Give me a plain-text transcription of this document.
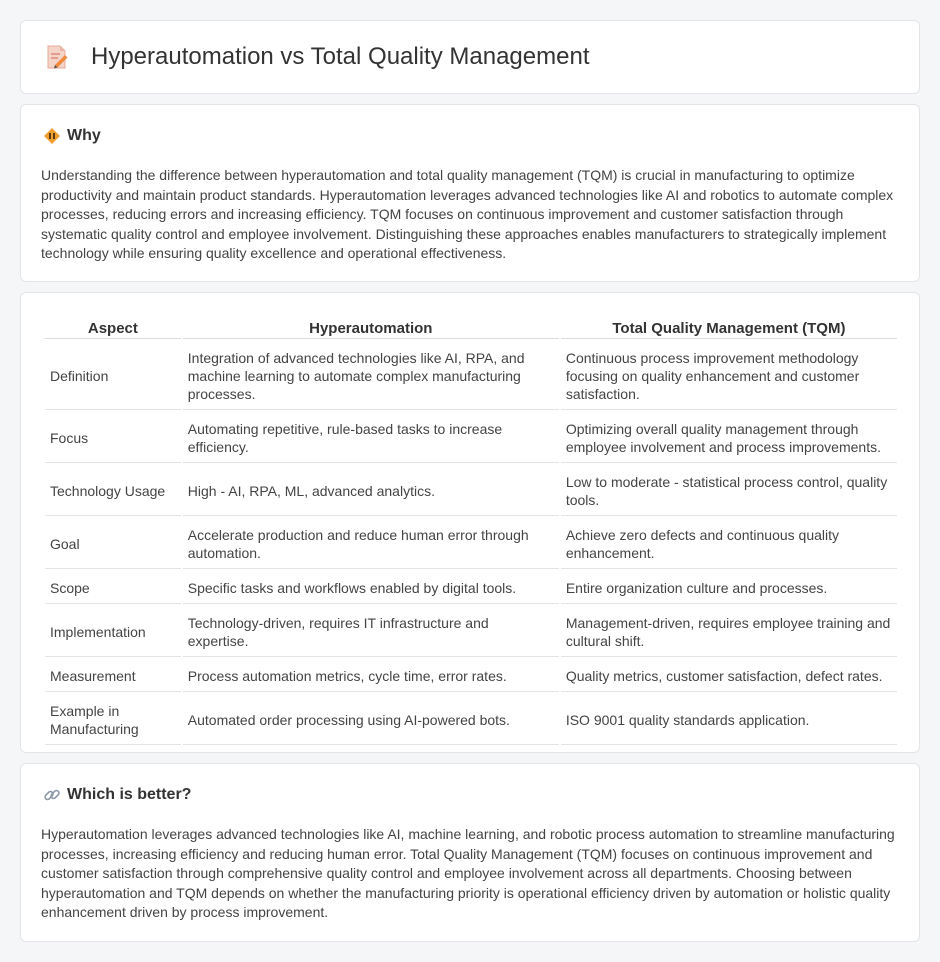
Hyperautomation vs Total Quality Management
Why

Understanding the difference between hyperautomation and total quality management (TQM) is crucial in manufacturing to optimize productivity and maintain product standards. Hyperautomation leverages advanced technologies like AI and robotics to automate complex processes, reducing errors and increasing efficiency. TQM focuses on continuous improvement and customer satisfaction through systematic quality control and employee involvement. Distinguishing these approaches enables manufacturers to strategically implement technology while ensuring quality excellence and operational effectiveness.

Aspect	Hyperautomation	Total Quality Management (TQM)
Definition	Integration of advanced technologies like AI, RPA, and machine learning to automate complex manufacturing processes.	Continuous process improvement methodology focusing on quality enhancement and customer satisfaction.
Focus	Automating repetitive, rule-based tasks to increase efficiency.	Optimizing overall quality management through employee involvement and process improvements.
Technology Usage	High - AI, RPA, ML, advanced analytics.	Low to moderate - statistical process control, quality tools.
Goal	Accelerate production and reduce human error through automation.	Achieve zero defects and continuous quality enhancement.
Scope	Specific tasks and workflows enabled by digital tools.	Entire organization culture and processes.
Implementation	Technology-driven, requires IT infrastructure and expertise.	Management-driven, requires employee training and cultural shift.
Measurement	Process automation metrics, cycle time, error rates.	Quality metrics, customer satisfaction, defect rates.
Example in Manufacturing	Automated order processing using AI-powered bots.	ISO 9001 quality standards application.
Which is better?

Hyperautomation leverages advanced technologies like AI, machine learning, and robotic process automation to streamline manufacturing processes, increasing efficiency and reducing human error. Total Quality Management (TQM) focuses on continuous improvement and customer satisfaction through comprehensive quality control and employee involvement across all departments. Choosing between hyperautomation and TQM depends on whether the manufacturing priority is operational efficiency driven by automation or holistic quality enhancement driven by process improvement.
